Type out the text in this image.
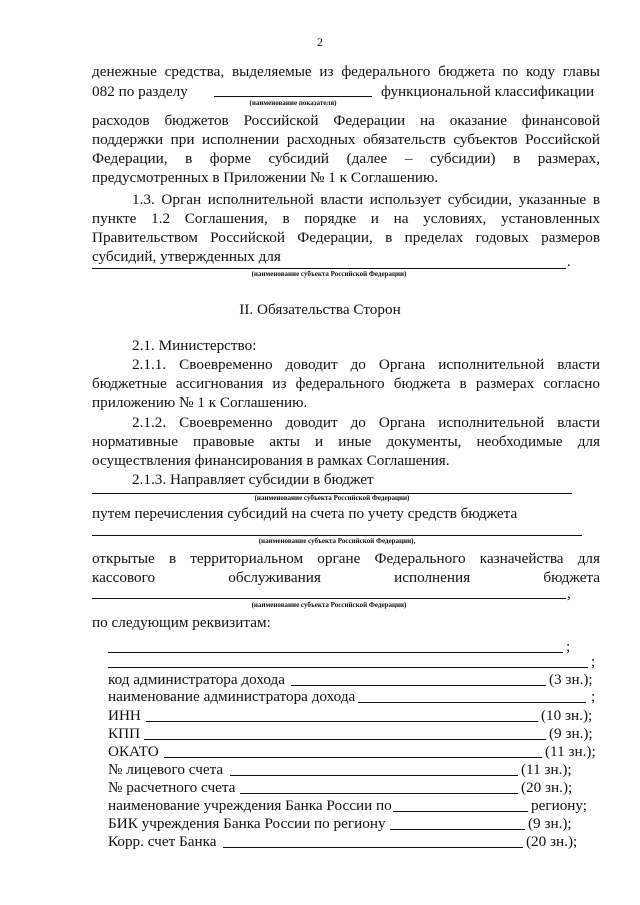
2
денежные средства, выделяемые из федерального бюджета по коду главы
082 по разделу	функциональной классификации
(наименование показателя)
расходов бюджетов Российской Федерации на оказание финансовой
поддержки при исполнении расходных обязательств субъектов Российской
Федерации, в форме субсидий (далее – субсидии) в размерах,
предусмотренных в Приложении № 1 к Соглашению.
1.3. Орган исполнительной власти использует субсидии, указанные в
пункте 1.2 Соглашения, в порядке и на условиях, установленных
Правительством Российской Федерации, в пределах годовых размеров
субсидий, утвержденных для	.
(наименование субъекта Российской Федерации)
II. Обязательства Сторон
2.1. Министерство:
2.1.1. Своевременно доводит до Органа исполнительной власти
бюджетные ассигнования из федерального бюджета в размерах согласно
приложению № 1 к Соглашению.
2.1.2. Своевременно доводит до Органа исполнительной власти
нормативные правовые акты и иные документы, необходимые для
осуществления финансирования в рамках Соглашения.
2.1.3. Направляет субсидии в бюджет
(наименование субъекта Российской Федерации)
путем перечисления субсидий на счета по учету средств бюджета
(наименование субъекта Российской Федерации),
открытые в территориальном органе Федерального казначейства для
кассового обслуживания исполнения бюджета
,
(наименование субъекта Российской Федерации)
по следующим реквизитам:
;
;
код администратора дохода	(3 зн.);
наименование администратора дохода	;
ИНН	(10 зн.);
КПП	(9 зн.);
ОКАТО	(11 зн.);
№ лицевого счета	(11 зн.);
№ расчетного счета	(20 зн.);
наименование учреждения Банка России по	региону;
БИК учреждения Банка России по региону	(9 зн.);
Корр. счет Банка	(20 зн.);
